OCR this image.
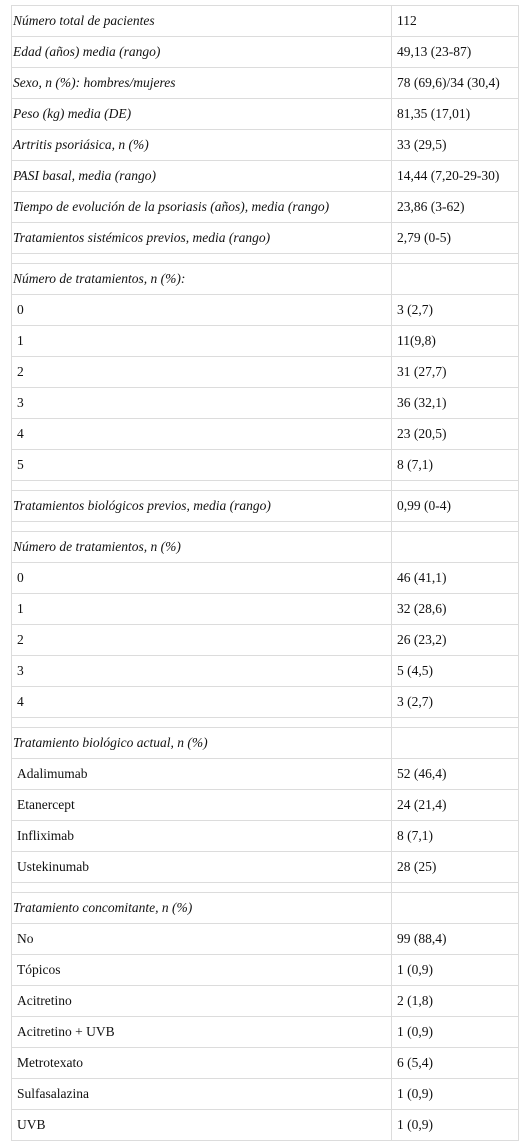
Número total de pacientes	112
Edad (años) media (rango)	49,13 (23-87)
Sexo, n (%): hombres/mujeres	78 (69,6)/34 (30,4)
Peso (kg) media (DE)	81,35 (17,01)
Artritis psoriásica, n (%)	33 (29,5)
PASI basal, media (rango)	14,44 (7,20-29-30)
Tiempo de evolución de la psoriasis (años), media (rango)	23,86 (3-62)
Tratamientos sistémicos previos, media (rango)	2,79 (0-5)

Número de tratamientos, n (%):	
0	3 (2,7)
1	11(9,8)
2	31 (27,7)
3	36 (32,1)
4	23 (20,5)
5	8 (7,1)

Tratamientos biológicos previos, media (rango)	0,99 (0-4)

Número de tratamientos, n (%)	
0	46 (41,1)
1	32 (28,6)
2	26 (23,2)
3	5 (4,5)
4	3 (2,7)

Tratamiento biológico actual, n (%)	
Adalimumab	52 (46,4)
Etanercept	24 (21,4)
Infliximab	8 (7,1)
Ustekinumab	28 (25)

Tratamiento concomitante, n (%)	
No	99 (88,4)
Tópicos	1 (0,9)
Acitretino	2 (1,8)
Acitretino + UVB	1 (0,9)
Metrotexato	6 (5,4)
Sulfasalazina	1 (0,9)
UVB	1 (0,9)
